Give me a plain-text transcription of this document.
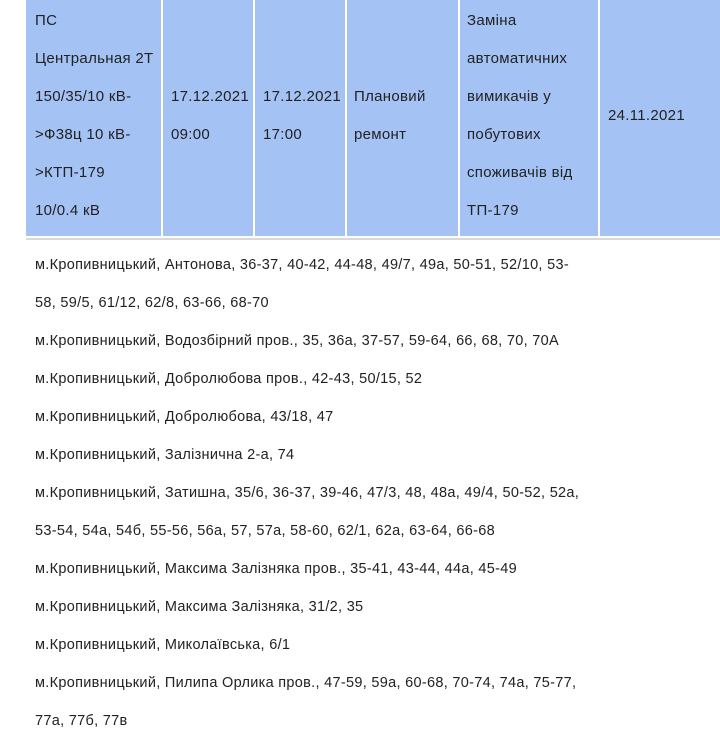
ПС
Центральная 2Т
150/35/10 кВ-
>Ф38ц 10 кВ-
>КТП-179
10/0.4 кВ
17.12.2021
09:00
17.12.2021
17:00
Плановий
ремонт
Заміна
автоматичних
вимикачів у
побутових
споживачів від
ТП-179
24.11.2021
м.Кропивницький, Антонова, 36-37, 40-42, 44-48, 49/7, 49а, 50-51, 52/10, 53-
58, 59/5, 61/12, 62/8, 63-66, 68-70
м.Кропивницький, Водозбірний пров., 35, 36а, 37-57, 59-64, 66, 68, 70, 70А
м.Кропивницький, Добролюбова пров., 42-43, 50/15, 52
м.Кропивницький, Добролюбова, 43/18, 47
м.Кропивницький, Залізнична 2-а, 74
м.Кропивницький, Затишна, 35/6, 36-37, 39-46, 47/3, 48, 48а, 49/4, 50-52, 52а,
53-54, 54а, 54б, 55-56, 56а, 57, 57а, 58-60, 62/1, 62а, 63-64, 66-68
м.Кропивницький, Максима Залізняка пров., 35-41, 43-44, 44а, 45-49
м.Кропивницький, Максима Залізняка, 31/2, 35
м.Кропивницький, Миколаївська, 6/1
м.Кропивницький, Пилипа Орлика пров., 47-59, 59а, 60-68, 70-74, 74а, 75-77,
77а, 77б, 77в
